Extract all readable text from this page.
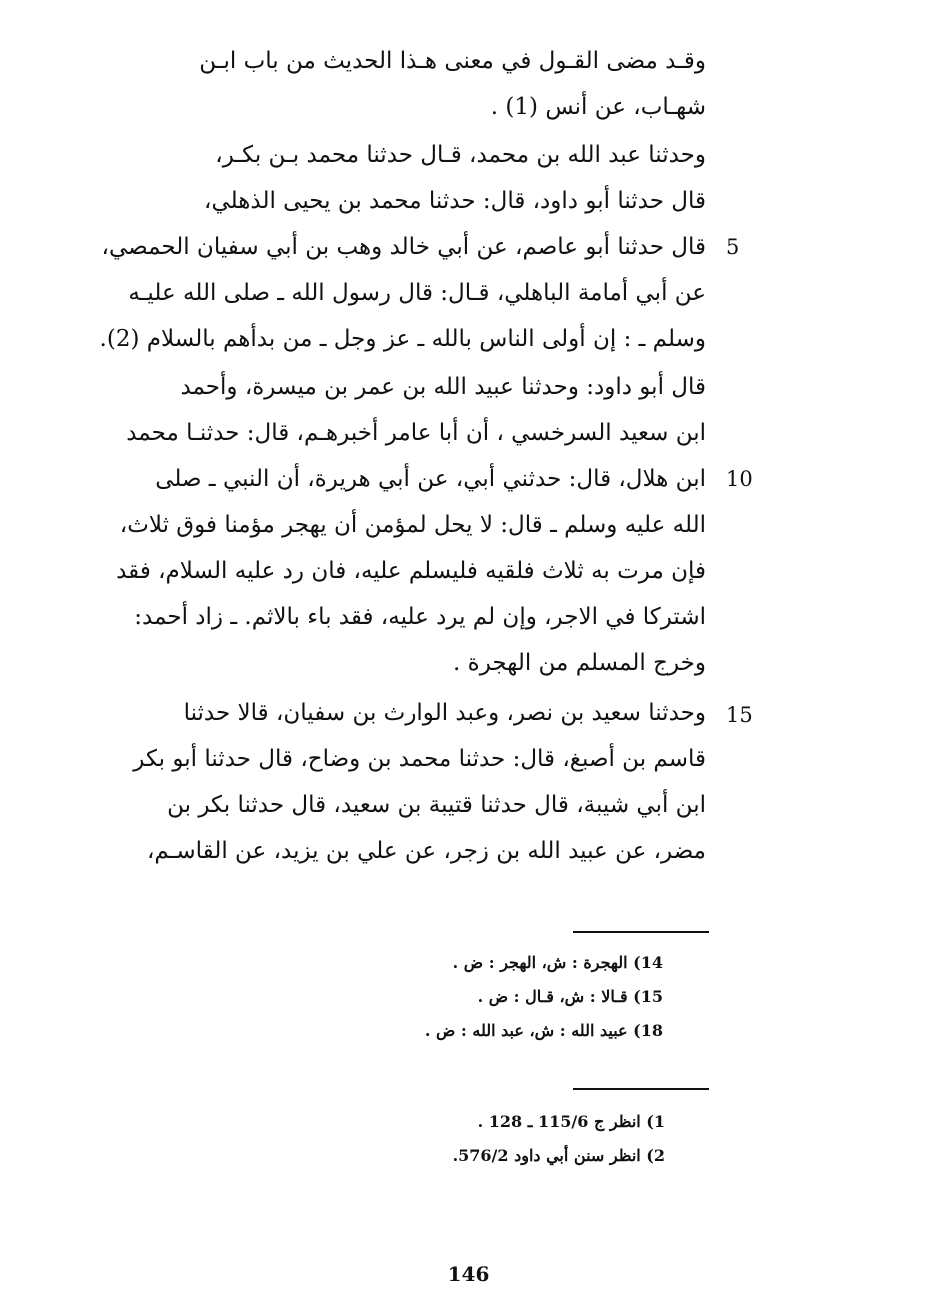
وقـد مضى القـول في معنى هـذا الحديث من باب ابـن
شهـاب، عن أنس (1) .
وحدثنا عبد الله بن محمد، قـال حدثنا محمد بـن بكـر،
قال حدثنا أبو داود، قال: حدثنا محمد بن يحيى الذهلي،
قال حدثنا أبو عاصم، عن أبي خالد وهب بن أبي سفيان الحمصي،
عن أبي أمامة الباهلي، قـال: قال رسول الله ـ صلى الله عليـه
وسلم ـ : إن أولى الناس بالله ـ عز وجل ـ من بدأهم بالسلام (2).
قال أبو داود: وحدثنا عبيد الله بن عمر بن ميسرة، وأحمد
ابن سعيد السرخسي ، أن أبا عامر أخبرهـم، قال: حدثنـا محمد
ابن هلال، قال: حدثني أبي، عن أبي هريرة، أن النبي ـ صلى
الله عليه وسلم ـ قال: لا يحل لمؤمن أن يهجر مؤمنا فوق ثلاث،
فإن مرت به ثلاث فلقيه فليسلم عليه، فان رد عليه السلام، فقد
اشتركا في الاجر، وإن لم يرد عليه، فقد باء بالاثم. ـ زاد أحمد:
وخرج المسلم من الهجرة .
وحدثنا سعيد بن نصر، وعبد الوارث بن سفيان، قالا حدثنا
قاسم بن أصبغ، قال: حدثنا محمد بن وضاح، قال حدثنا أبو بكر
ابن أبي شيبة، قال حدثنا قتيبة بن سعيد، قال حدثنا بكر بن
مضر، عن عبيد الله بن زجر، عن علي بن يزيد، عن القاسـم،
5
10
15
14) الهجرة : ش، الهجر : ض .
15) قـالا : ش، قـال : ض .
18) عبيد الله : ش، عبد الله : ض .
1) انظر ج 115/6 ـ 128 .
2) انظر سنن أبي داود 576/2.
146
